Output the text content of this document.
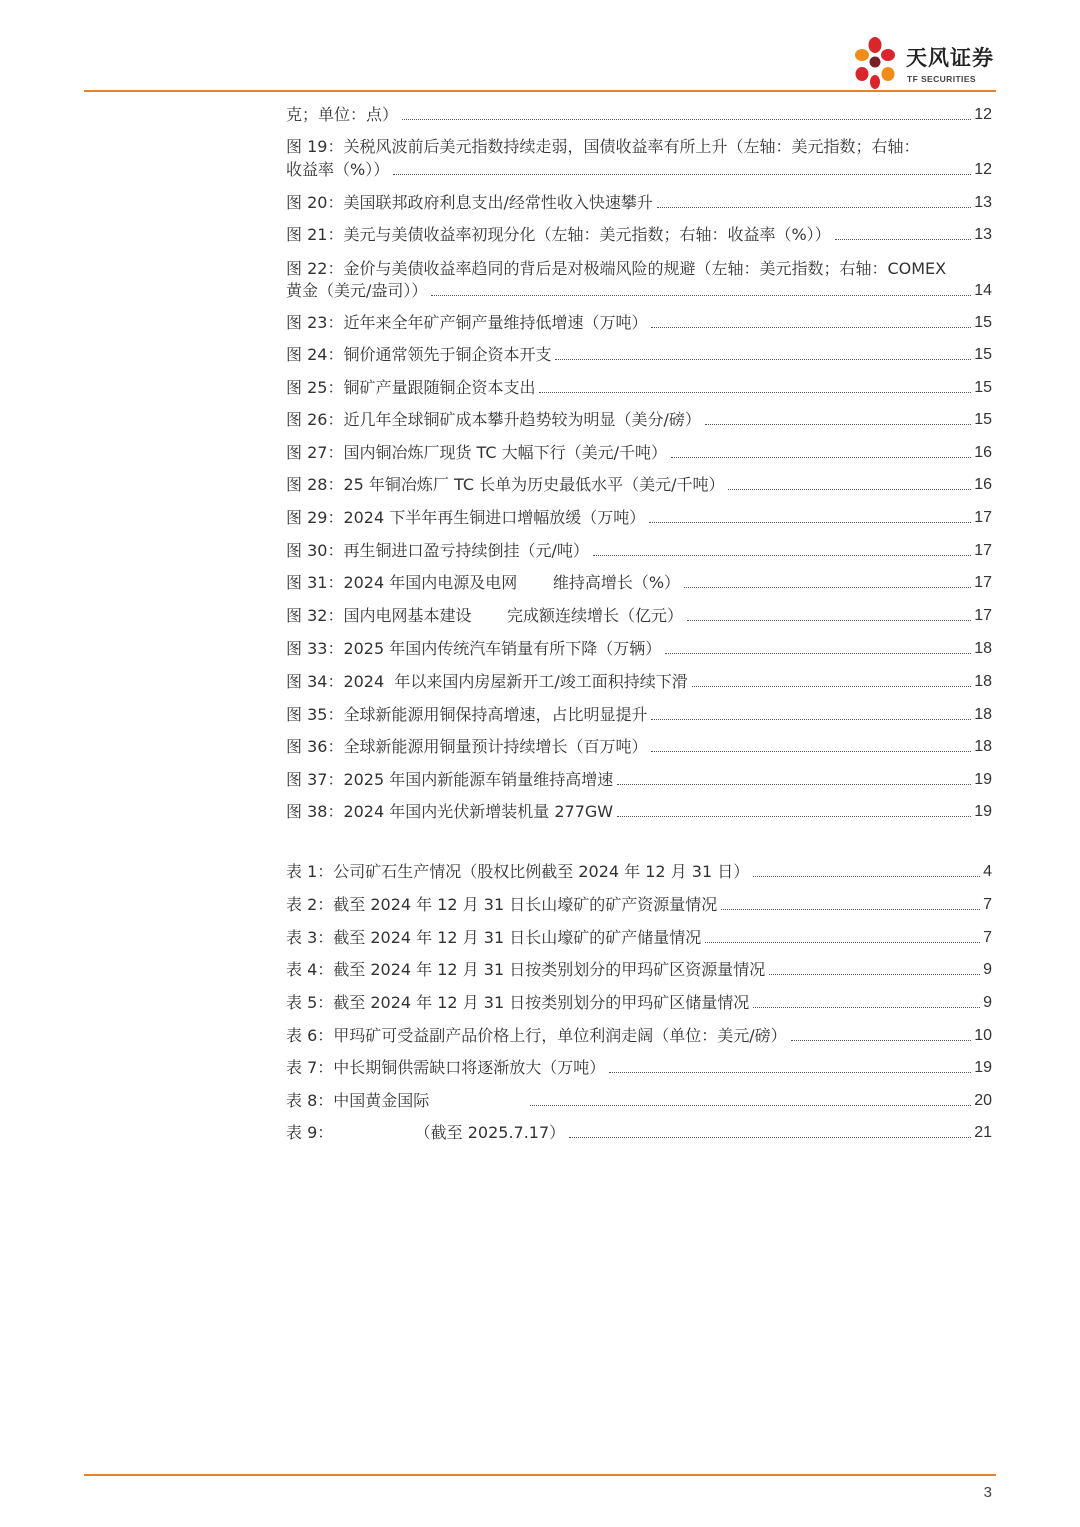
天风证券
TF SECURITIES
克；单位：点）	12
图 19：关税风波前后美元指数持续走弱，国债收益率有所上升（左轴：美元指数；右轴：
收益率（%））	12
图 20：美国联邦政府利息支出/经常性收入快速攀升	13
图 21：美元与美债收益率初现分化（左轴：美元指数；右轴：收益率（%））	13
图 22：金价与美债收益率趋同的背后是对极端风险的规避（左轴：美元指数；右轴：COMEX
黄金（美元/盎司））	14
图 23：近年来全年矿产铜产量维持低增速（万吨）	15
图 24：铜价通常领先于铜企资本开支	15
图 25：铜矿产量跟随铜企资本支出	15
图 26：近几年全球铜矿成本攀升趋势较为明显（美分/磅）	15
图 27：国内铜冶炼厂现货 TC 大幅下行（美元/千吨）	16
图 28：25 年铜冶炼厂 TC 长单为历史最低水平（美元/千吨）	16
图 29：2024 下半年再生铜进口增幅放缓（万吨）	17
图 30：再生铜进口盈亏持续倒挂（元/吨）	17
图 31：2024 年国内电源及电网       维持高增长（%）	17
图 32：国内电网基本建设       完成额连续增长（亿元）	17
图 33：2025 年国内传统汽车销量有所下降（万辆）	18
图 34：2024  年以来国内房屋新开工/竣工面积持续下滑	18
图 35：全球新能源用铜保持高增速，占比明显提升	18
图 36：全球新能源用铜量预计持续增长（百万吨）	18
图 37：2025 年国内新能源车销量维持高增速	19
图 38：2024 年国内光伏新增装机量 277GW	19
表 1：公司矿石生产情况（股权比例截至 2024 年 12 月 31 日）	4
表 2：截至 2024 年 12 月 31 日长山壕矿的矿产资源量情况	7
表 3：截至 2024 年 12 月 31 日长山壕矿的矿产储量情况	7
表 4：截至 2024 年 12 月 31 日按类别划分的甲玛矿区资源量情况	9
表 5：截至 2024 年 12 月 31 日按类别划分的甲玛矿区储量情况	9
表 6：甲玛矿可受益副产品价格上行，单位利润走阔（单位：美元/磅）	10
表 7：中长期铜供需缺口将逐渐放大（万吨）	19
表 8：中国黄金国际	20
表 9：                （截至 2025.7.17）	21
3
